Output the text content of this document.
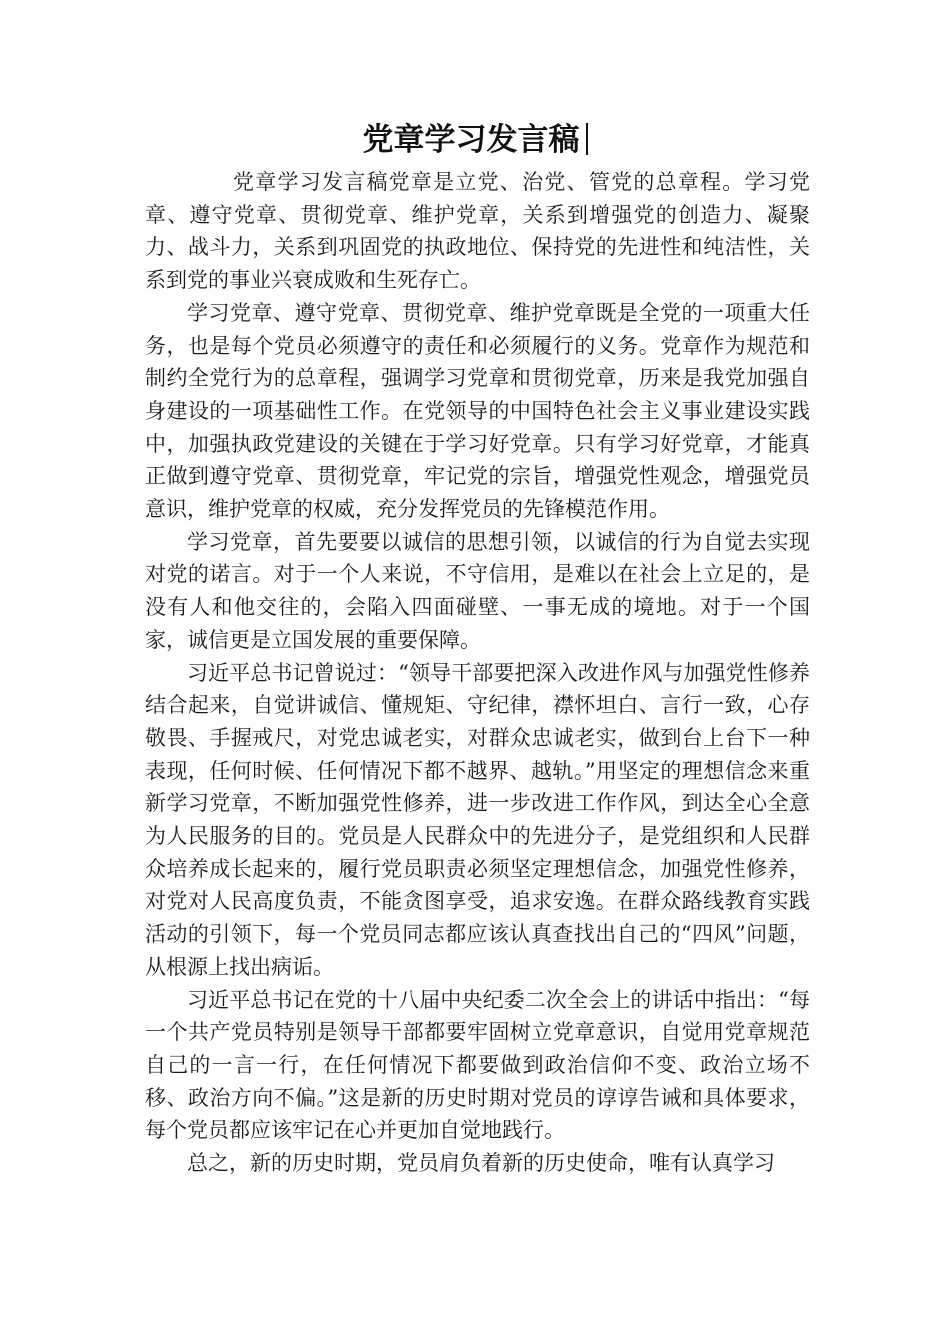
党章学习发言稿

党章学习发言稿党章是立党、治党、管党的总章程。学习党章、遵守党章、贯彻党章、维护党章，关系到增强党的创造力、凝聚力、战斗力，关系到巩固党的执政地位、保持党的先进性和纯洁性，关系到党的事业兴衰成败和生死存亡。

学习党章、遵守党章、贯彻党章、维护党章既是全党的一项重大任务，也是每个党员必须遵守的责任和必须履行的义务。党章作为规范和制约全党行为的总章程，强调学习党章和贯彻党章，历来是我党加强自身建设的一项基础性工作。在党领导的中国特色社会主义事业建设实践中，加强执政党建设的关键在于学习好党章。只有学习好党章，才能真正做到遵守党章、贯彻党章，牢记党的宗旨，增强党性观念，增强党员意识，维护党章的权威，充分发挥党员的先锋模范作用。

学习党章，首先要要以诚信的思想引领，以诚信的行为自觉去实现对党的诺言。对于一个人来说，不守信用，是难以在社会上立足的，是没有人和他交往的，会陷入四面碰壁、一事无成的境地。对于一个国家，诚信更是立国发展的重要保障。

习近平总书记曾说过：“领导干部要把深入改进作风与加强党性修养结合起来，自觉讲诚信、懂规矩、守纪律，襟怀坦白、言行一致，心存敬畏、手握戒尺，对党忠诚老实，对群众忠诚老实，做到台上台下一种表现，任何时候、任何情况下都不越界、越轨。”用坚定的理想信念来重新学习党章，不断加强党性修养，进一步改进工作作风，到达全心全意为人民服务的目的。党员是人民群众中的先进分子，是党组织和人民群众培养成长起来的，履行党员职责必须坚定理想信念，加强党性修养，对党对人民高度负责，不能贪图享受，追求安逸。在群众路线教育实践活动的引领下，每一个党员同志都应该认真查找出自己的“四风”问题，从根源上找出病诟。

习近平总书记在党的十八届中央纪委二次全会上的讲话中指出：“每一个共产党员特别是领导干部都要牢固树立党章意识，自觉用党章规范自己的一言一行，在任何情况下都要做到政治信仰不变、政治立场不移、政治方向不偏。”这是新的历史时期对党员的谆谆告诫和具体要求，每个党员都应该牢记在心并更加自觉地践行。

总之，新的历史时期，党员肩负着新的历史使命，唯有认真学习
